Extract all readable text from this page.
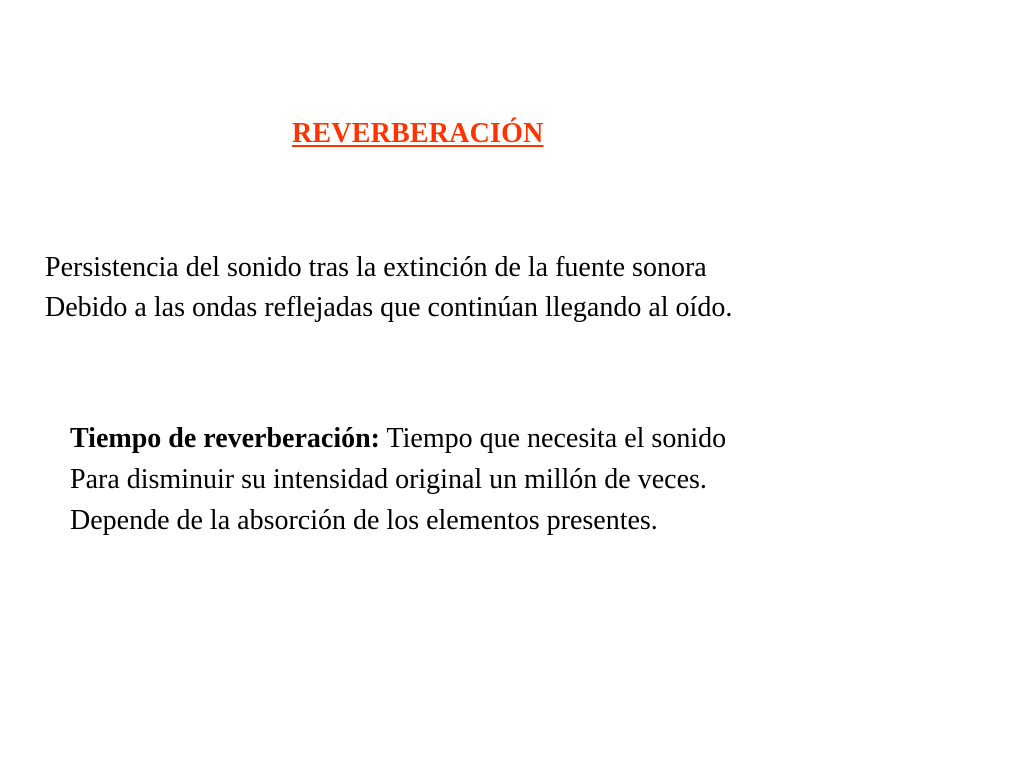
REVERBERACIÓN
Persistencia del sonido tras la extinción de la fuente sonora
Debido a las ondas reflejadas que continúan llegando al oído.
Tiempo de reverberación: Tiempo que necesita el sonido
Para disminuir su intensidad original un millón de veces.
Depende de la absorción de los elementos presentes.
